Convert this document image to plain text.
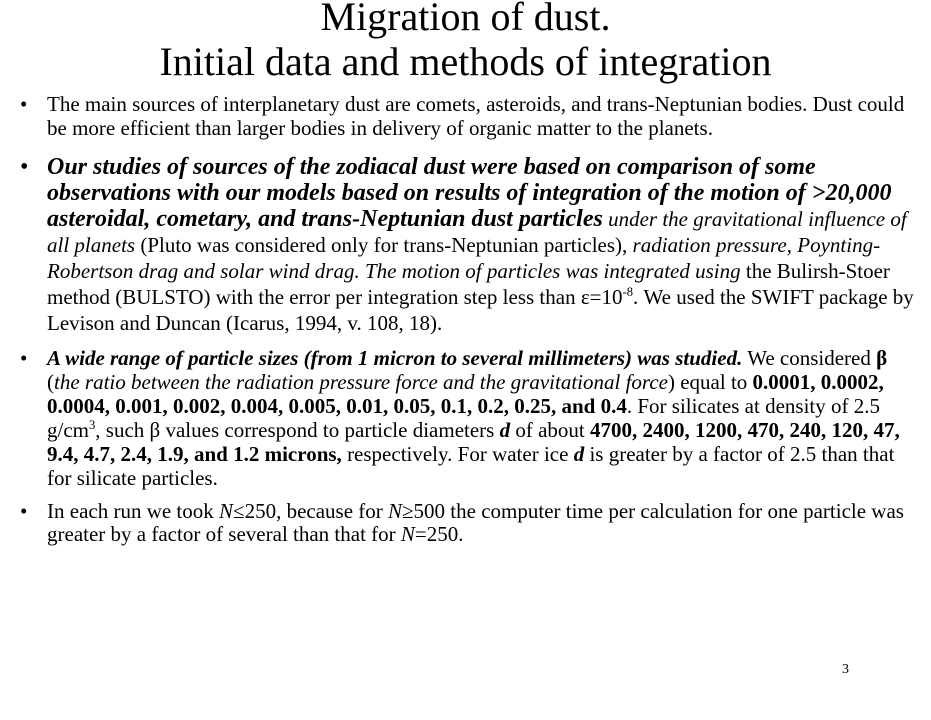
Migration of dust.
Initial data and methods of integration
• The main sources of interplanetary dust are comets, asteroids, and trans-Neptunian bodies. Dust could be more efficient than larger bodies in delivery of organic matter to the planets.
• Our studies of sources of the zodiacal dust were based on comparison of some observations with our models based on results of integration of the motion of >20,000 asteroidal, cometary, and trans-Neptunian dust particles under the gravitational influence of all planets (Pluto was considered only for trans-Neptunian particles), radiation pressure, Poynting-Robertson drag and solar wind drag. The motion of particles was integrated using the Bulirsh-Stoer method (BULSTO) with the error per integration step less than $\varepsilon=10^{-8}$. We used the SWIFT package by Levison and Duncan (Icarus, 1994, v. 108, 18).
• A wide range of particle sizes (from 1 micron to several millimeters) was studied. We considered β (the ratio between the radiation pressure force and the gravitational force) equal to 0.0001, 0.0002, 0.0004, 0.001, 0.002, 0.004, 0.005, 0.01, 0.05, 0.1, 0.2, 0.25, and 0.4. For silicates at density of 2.5 $g/cm^3$, such β values correspond to particle diameters d of about 4700, 2400, 1200, 470, 240, 120, 47, 9.4, 4.7, 2.4, 1.9, and 1.2 microns, respectively. For water ice d is greater by a factor of 2.5 than that for silicate particles.
• In each run we took N≤250, because for N≥500 the computer time per calculation for one particle was greater by a factor of several than that for N=250.
3
